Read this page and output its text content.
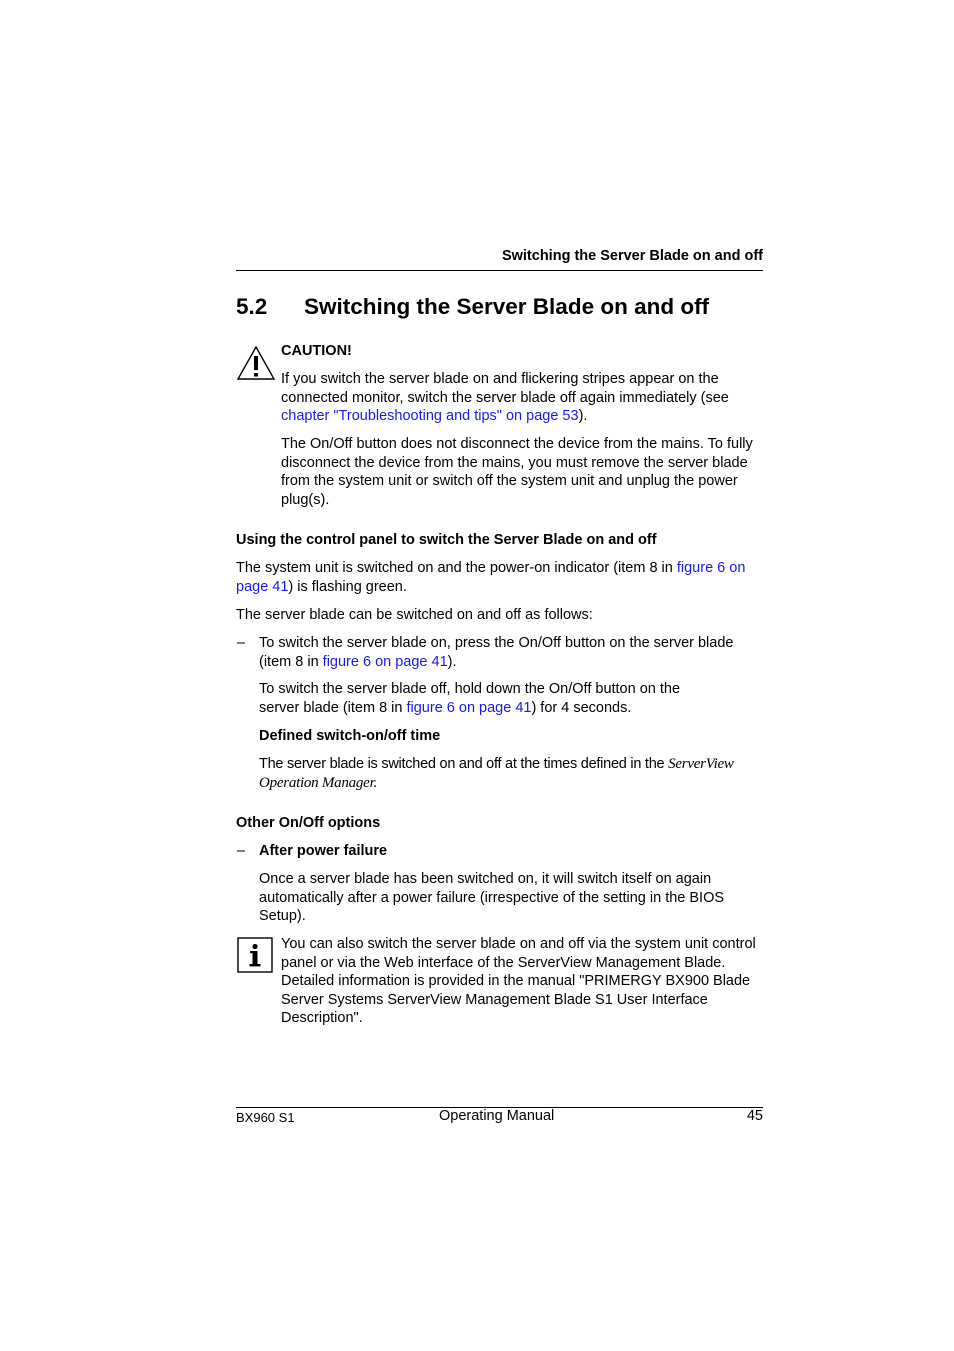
Switching the Server Blade on and off
5.2 Switching the Server Blade on and off
CAUTION!
If you switch the server blade on and flickering stripes appear on the connected monitor, switch the server blade off again immediately (see chapter "Troubleshooting and tips" on page 53).
The On/Off button does not disconnect the device from the mains. To fully disconnect the device from the mains, you must remove the server blade from the system unit or switch off the system unit and unplug the power plug(s).
Using the control panel to switch the Server Blade on and off
The system unit is switched on and the power-on indicator (item 8 in figure 6 on page 41) is flashing green.
The server blade can be switched on and off as follows:
– To switch the server blade on, press the On/Off button on the server blade (item 8 in figure 6 on page 41).
To switch the server blade off, hold down the On/Off button on the server blade (item 8 in figure 6 on page 41) for 4 seconds.
Defined switch-on/off time
The server blade is switched on and off at the times defined in the ServerView Operation Manager.
Other On/Off options
– After power failure
Once a server blade has been switched on, it will switch itself on again automatically after a power failure (irrespective of the setting in the BIOS Setup).
You can also switch the server blade on and off via the system unit control panel or via the Web interface of the ServerView Management Blade. Detailed information is provided in the manual "PRIMERGY BX900 Blade Server Systems ServerView Management Blade S1 User Interface Description".
BX960 S1	Operating Manual	45
